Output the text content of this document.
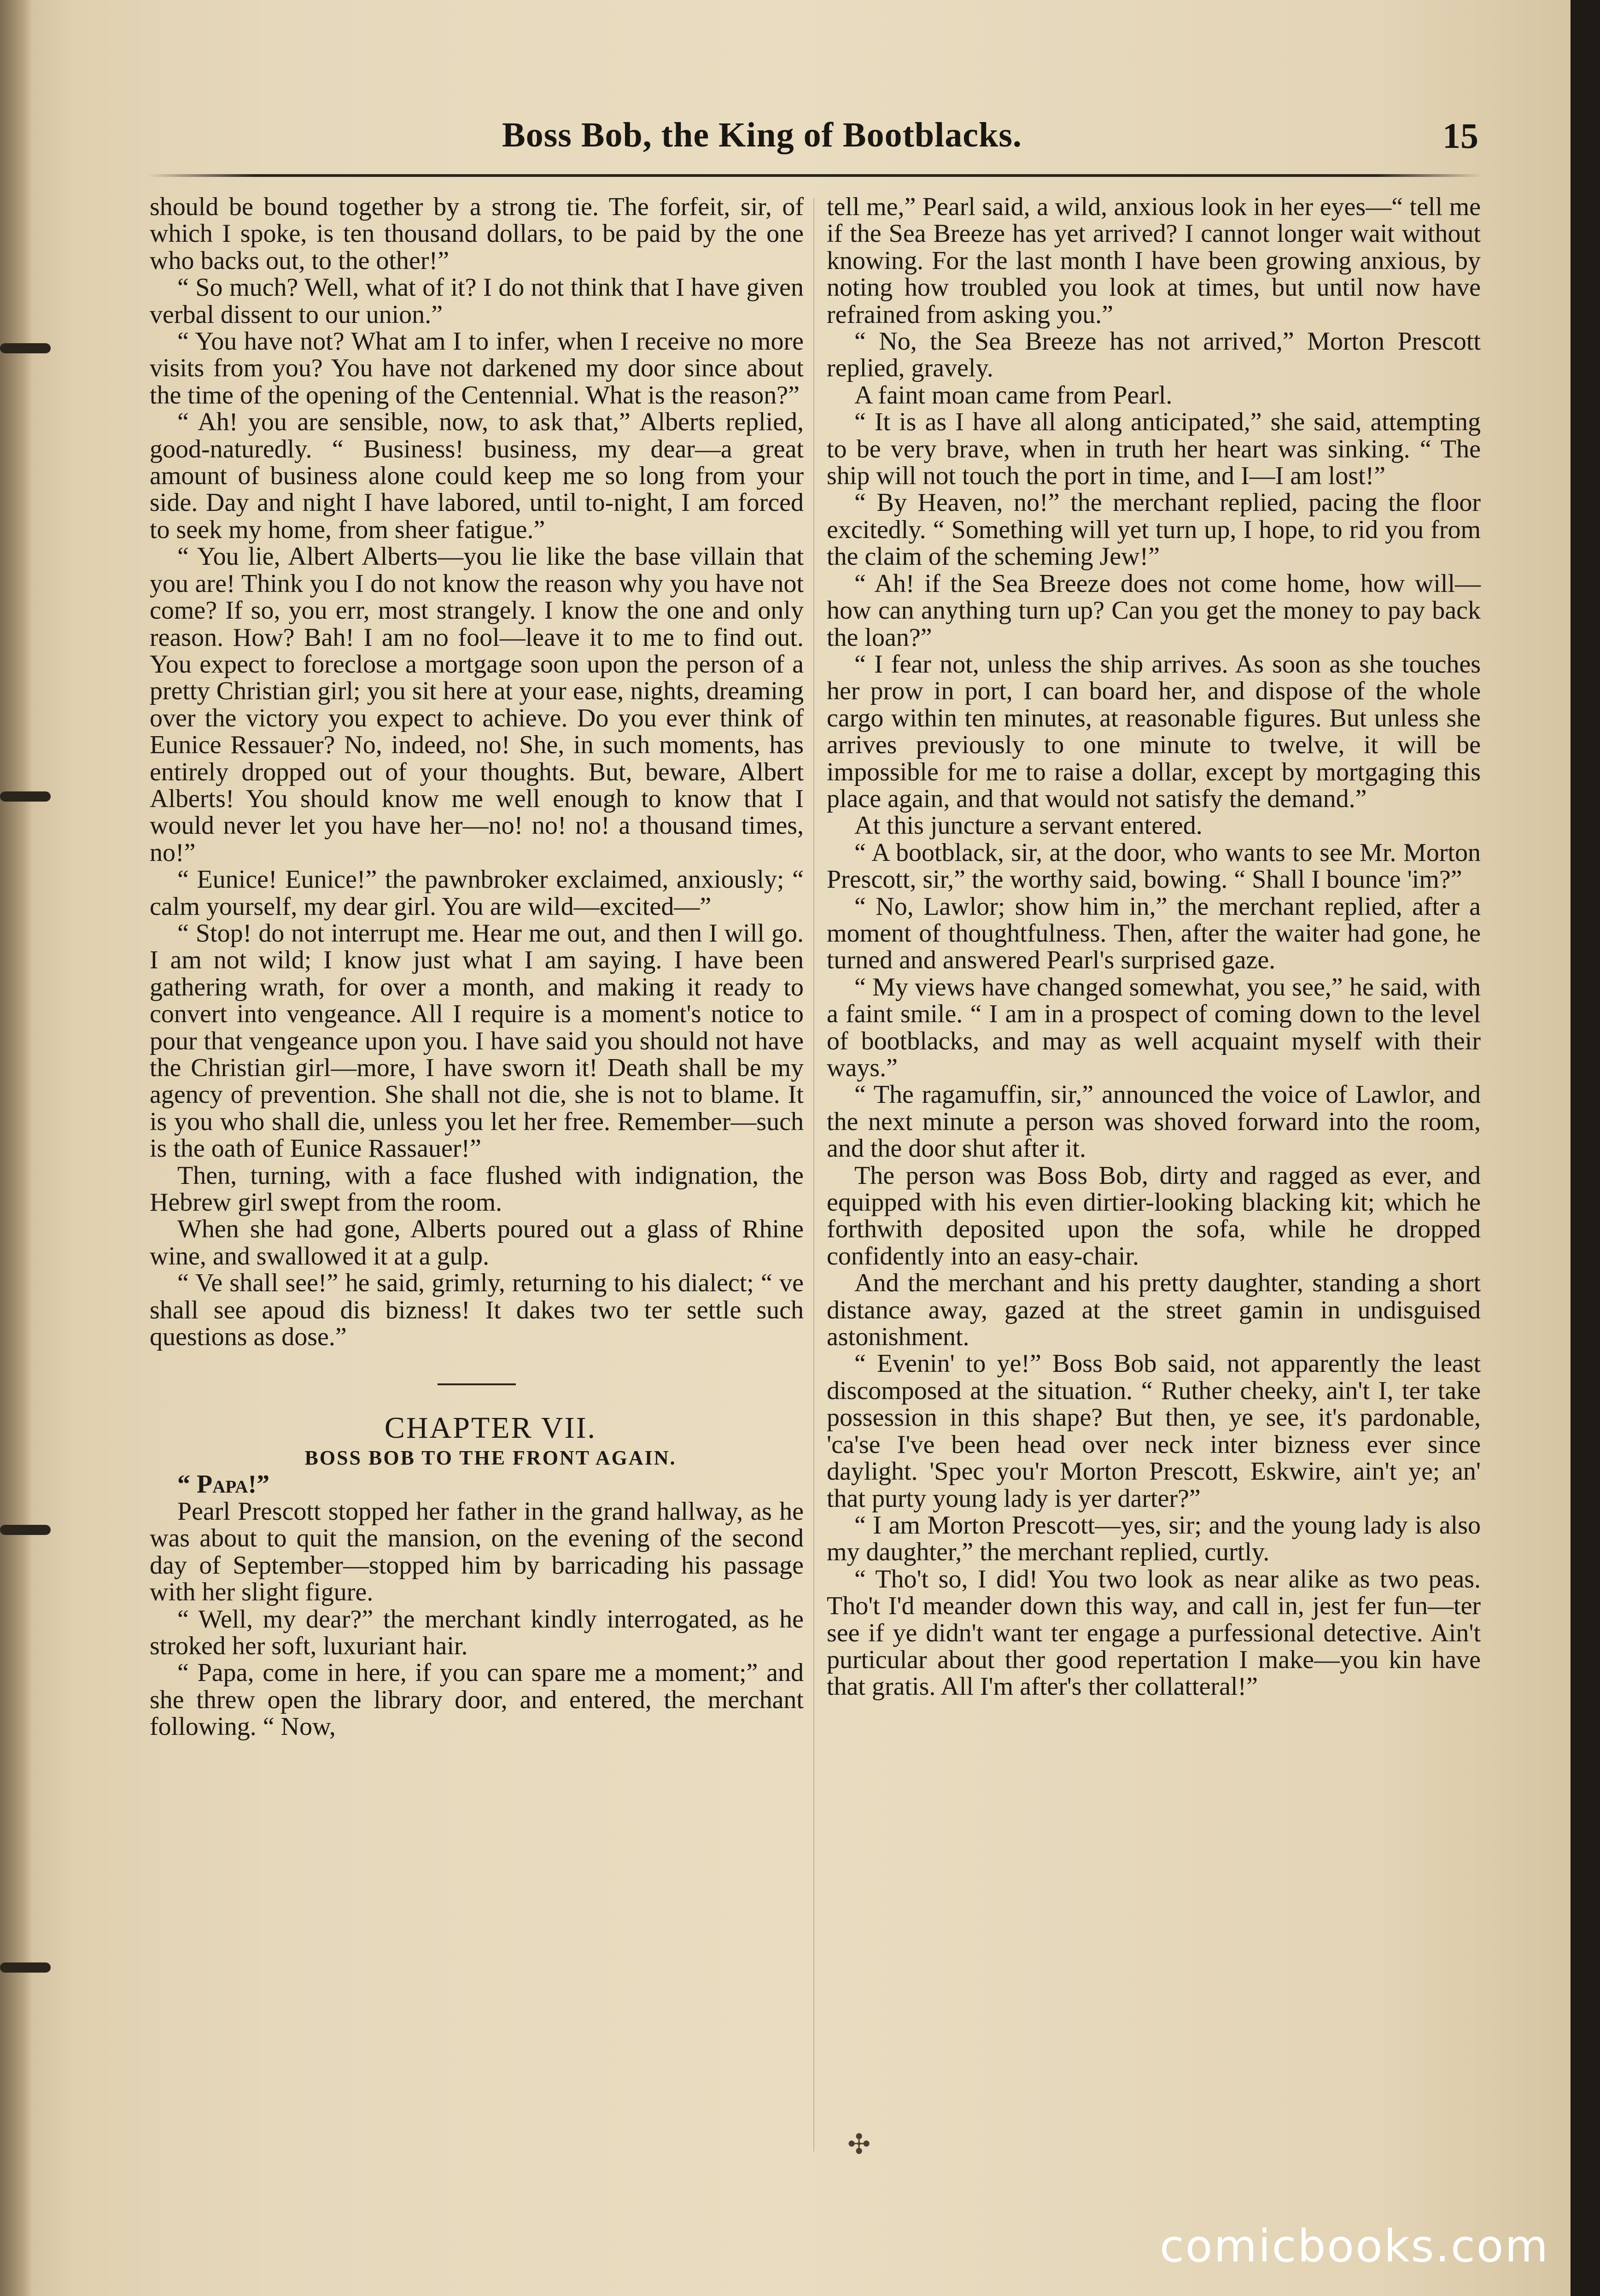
Boss Bob, the King of Bootblacks.	15

should be bound together by a strong tie. The forfeit, sir, of which I spoke, is ten thousand dollars, to be paid by the one who backs out, to the other!”

“ So much? Well, what of it? I do not think that I have given verbal dissent to our union.”

“ You have not? What am I to infer, when I receive no more visits from you? You have not darkened my door since about the time of the opening of the Centennial. What is the reason?”

“ Ah! you are sensible, now, to ask that,” Alberts replied, good-naturedly. “ Business! business, my dear—a great amount of business alone could keep me so long from your side. Day and night I have labored, until to-night, I am forced to seek my home, from sheer fatigue.”

“ You lie, Albert Alberts—you lie like the base villain that you are! Think you I do not know the reason why you have not come? If so, you err, most strangely. I know the one and only reason. How? Bah! I am no fool—leave it to me to find out. You expect to foreclose a mortgage soon upon the person of a pretty Christian girl; you sit here at your ease, nights, dreaming over the victory you expect to achieve. Do you ever think of Eunice Ressauer? No, indeed, no! She, in such moments, has entirely dropped out of your thoughts. But, beware, Albert Alberts! You should know me well enough to know that I would never let you have her—no! no! no! a thousand times, no!”

“ Eunice! Eunice!” the pawnbroker exclaimed, anxiously; “ calm yourself, my dear girl. You are wild—excited—”

“ Stop! do not interrupt me. Hear me out, and then I will go. I am not wild; I know just what I am saying. I have been gathering wrath, for over a month, and making it ready to convert into vengeance. All I require is a moment's notice to pour that vengeance upon you. I have said you should not have the Christian girl—more, I have sworn it! Death shall be my agency of prevention. She shall not die, she is not to blame. It is you who shall die, unless you let her free. Remember—such is the oath of Eunice Rassauer!”

Then, turning, with a face flushed with indignation, the Hebrew girl swept from the room.

When she had gone, Alberts poured out a glass of Rhine wine, and swallowed it at a gulp.

“ Ve shall see!” he said, grimly, returning to his dialect; “ ve shall see apoud dis bizness! It dakes two ter settle such questions as dose.”

CHAPTER VII.

BOSS BOB TO THE FRONT AGAIN.

“ Papa!”

Pearl Prescott stopped her father in the grand hallway, as he was about to quit the mansion, on the evening of the second day of September—stopped him by barricading his passage with her slight figure.

“ Well, my dear?” the merchant kindly interrogated, as he stroked her soft, luxuriant hair.

“ Papa, come in here, if you can spare me a moment;” and she threw open the library door, and entered, the merchant following. “ Now,

tell me,” Pearl said, a wild, anxious look in her eyes—“ tell me if the Sea Breeze has yet arrived? I cannot longer wait without knowing. For the last month I have been growing anxious, by noting how troubled you look at times, but until now have refrained from asking you.”

“ No, the Sea Breeze has not arrived,” Morton Prescott replied, gravely.

A faint moan came from Pearl.

“ It is as I have all along anticipated,” she said, attempting to be very brave, when in truth her heart was sinking. “ The ship will not touch the port in time, and I—I am lost!”

“ By Heaven, no!” the merchant replied, pacing the floor excitedly. “ Something will yet turn up, I hope, to rid you from the claim of the scheming Jew!”

“ Ah! if the Sea Breeze does not come home, how will—how can anything turn up? Can you get the money to pay back the loan?”

“ I fear not, unless the ship arrives. As soon as she touches her prow in port, I can board her, and dispose of the whole cargo within ten minutes, at reasonable figures. But unless she arrives previously to one minute to twelve, it will be impossible for me to raise a dollar, except by mortgaging this place again, and that would not satisfy the demand.”

At this juncture a servant entered.

“ A bootblack, sir, at the door, who wants to see Mr. Morton Prescott, sir,” the worthy said, bowing. “ Shall I bounce 'im?”

“ No, Lawlor; show him in,” the merchant replied, after a moment of thoughtfulness. Then, after the waiter had gone, he turned and answered Pearl's surprised gaze.

“ My views have changed somewhat, you see,” he said, with a faint smile. “ I am in a prospect of coming down to the level of bootblacks, and may as well acquaint myself with their ways.”

“ The ragamuffin, sir,” announced the voice of Lawlor, and the next minute a person was shoved forward into the room, and the door shut after it.

The person was Boss Bob, dirty and ragged as ever, and equipped with his even dirtier-looking blacking kit; which he forthwith deposited upon the sofa, while he dropped confidently into an easy-chair.

And the merchant and his pretty daughter, standing a short distance away, gazed at the street gamin in undisguised astonishment.

“ Evenin' to ye!” Boss Bob said, not apparently the least discomposed at the situation. “ Ruther cheeky, ain't I, ter take possession in this shape? But then, ye see, it's pardonable, 'ca'se I've been head over neck inter bizness ever since daylight. 'Spec you'r Morton Prescott, Eskwire, ain't ye; an' that purty young lady is yer darter?”

“ I am Morton Prescott—yes, sir; and the young lady is also my daughter,” the merchant replied, curtly.

“ Tho't so, I did! You two look as near alike as two peas. Tho't I'd meander down this way, and call in, jest fer fun—ter see if ye didn't want ter engage a purfessional detective. Ain't purticular about ther good repertation I make—you kin have that gratis. All I'm after's ther collatteral!”

✣
comicbooks.com
